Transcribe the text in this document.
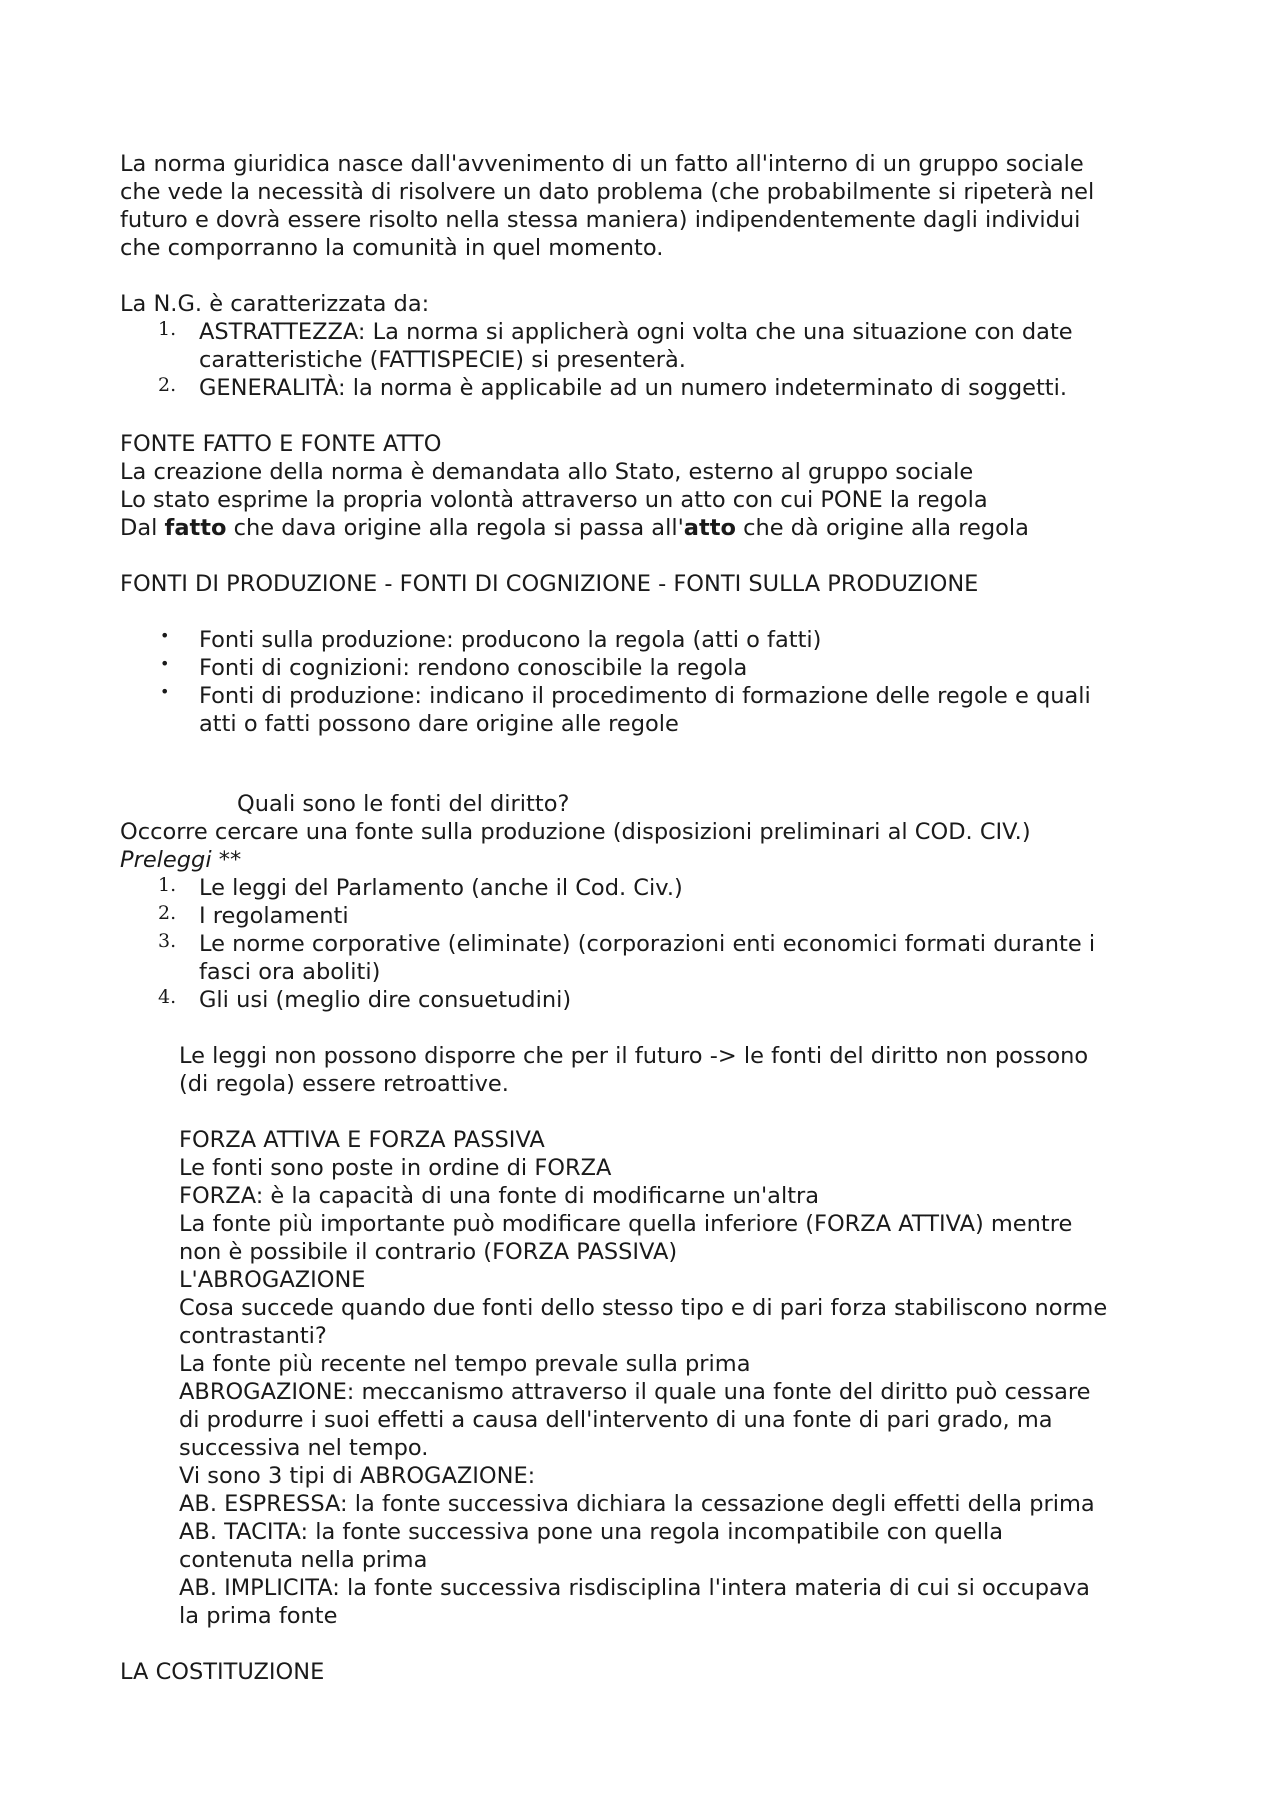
La norma giuridica nasce dall'avvenimento di un fatto all'interno di un gruppo sociale
che vede la necessità di risolvere un dato problema (che probabilmente si ripeterà nel
futuro e dovrà essere risolto nella stessa maniera) indipendentemente dagli individui
che comporranno la comunità in quel momento.
La N.G. è caratterizzata da:
1.	ASTRATTEZZA: La norma si applicherà ogni volta che una situazione con date
caratteristiche (FATTISPECIE) si presenterà.
2.	GENERALITÀ: la norma è applicabile ad un numero indeterminato di soggetti.
FONTE FATTO E FONTE ATTO
La creazione della norma è demandata allo Stato, esterno al gruppo sociale
Lo stato esprime la propria volontà attraverso un atto con cui PONE la regola
Dal fatto che dava origine alla regola si passa all'atto che dà origine alla regola
FONTI DI PRODUZIONE - FONTI DI COGNIZIONE - FONTI SULLA PRODUZIONE
•	Fonti sulla produzione: producono la regola (atti o fatti)
•	Fonti di cognizioni: rendono conoscibile la regola
•	Fonti di produzione: indicano il procedimento di formazione delle regole e quali
atti o fatti possono dare origine alle regole
Quali sono le fonti del diritto?
Occorre cercare una fonte sulla produzione (disposizioni preliminari al COD. CIV.)
Preleggi **
1.	Le leggi del Parlamento (anche il Cod. Civ.)
2.	I regolamenti
3.	Le norme corporative (eliminate) (corporazioni enti economici formati durante i
fasci ora aboliti)
4.	Gli usi (meglio dire consuetudini)
Le leggi non possono disporre che per il futuro -> le fonti del diritto non possono
(di regola) essere retroattive.
FORZA ATTIVA E FORZA PASSIVA
Le fonti sono poste in ordine di FORZA
FORZA: è la capacità di una fonte di modificarne un'altra
La fonte più importante può modificare quella inferiore (FORZA ATTIVA) mentre
non è possibile il contrario (FORZA PASSIVA)
L'ABROGAZIONE
Cosa succede quando due fonti dello stesso tipo e di pari forza stabiliscono norme
contrastanti?
La fonte più recente nel tempo prevale sulla prima
ABROGAZIONE: meccanismo attraverso il quale una fonte del diritto può cessare
di produrre i suoi effetti a causa dell'intervento di una fonte di pari grado, ma
successiva nel tempo.
Vi sono 3 tipi di ABROGAZIONE:
AB. ESPRESSA: la fonte successiva dichiara la cessazione degli effetti della prima
AB. TACITA: la fonte successiva pone una regola incompatibile con quella
contenuta nella prima
AB. IMPLICITA: la fonte successiva risdisciplina l'intera materia di cui si occupava
la prima fonte
LA COSTITUZIONE
